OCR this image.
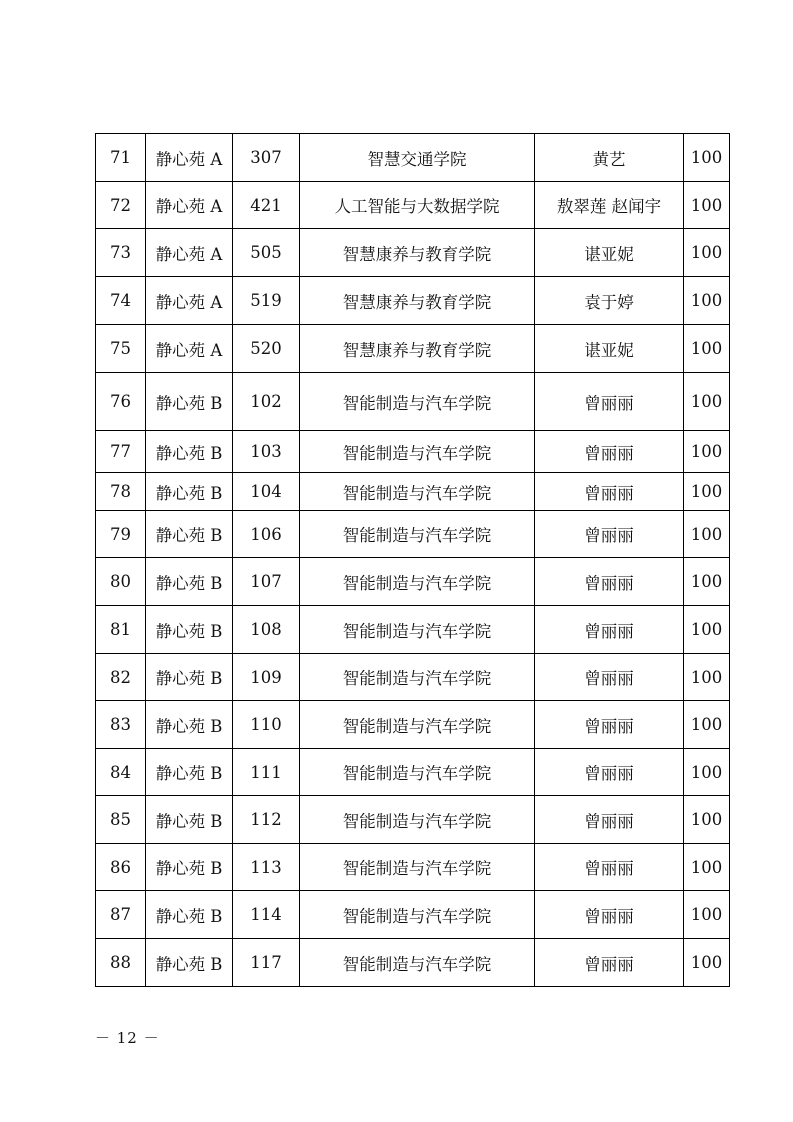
71	静心苑 A	307	智慧交通学院	黄艺	100
72	静心苑 A	421	人工智能与大数据学院	敖翠莲 赵闻宇	100
73	静心苑 A	505	智慧康养与教育学院	谌亚妮	100
74	静心苑 A	519	智慧康养与教育学院	袁于婷	100
75	静心苑 A	520	智慧康养与教育学院	谌亚妮	100
76	静心苑 B	102	智能制造与汽车学院	曾丽丽	100
77	静心苑 B	103	智能制造与汽车学院	曾丽丽	100
78	静心苑 B	104	智能制造与汽车学院	曾丽丽	100
79	静心苑 B	106	智能制造与汽车学院	曾丽丽	100
80	静心苑 B	107	智能制造与汽车学院	曾丽丽	100
81	静心苑 B	108	智能制造与汽车学院	曾丽丽	100
82	静心苑 B	109	智能制造与汽车学院	曾丽丽	100
83	静心苑 B	110	智能制造与汽车学院	曾丽丽	100
84	静心苑 B	111	智能制造与汽车学院	曾丽丽	100
85	静心苑 B	112	智能制造与汽车学院	曾丽丽	100
86	静心苑 B	113	智能制造与汽车学院	曾丽丽	100
87	静心苑 B	114	智能制造与汽车学院	曾丽丽	100
88	静心苑 B	117	智能制造与汽车学院	曾丽丽	100
－ 12 －
